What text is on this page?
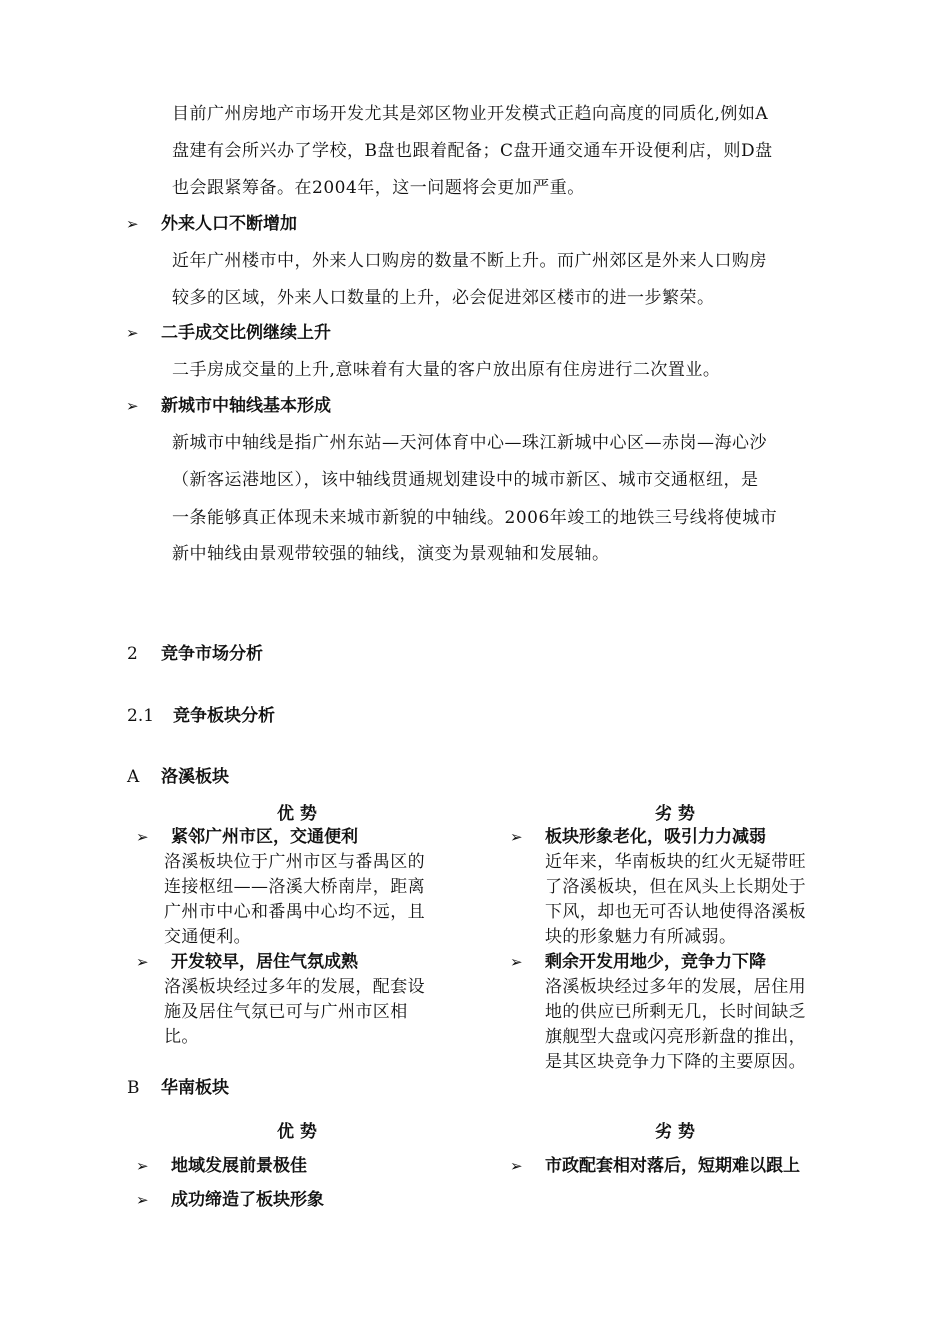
目前广州房地产市场开发尤其是郊区物业开发模式正趋向高度的同质化,例如A
盘建有会所兴办了学校，B盘也跟着配备；C盘开通交通车开设便利店，则D盘
也会跟紧筹备。在2004年，这一问题将会更加严重。
➢ 外来人口不断增加
近年广州楼市中，外来人口购房的数量不断上升。而广州郊区是外来人口购房
较多的区域，外来人口数量的上升，必会促进郊区楼市的进一步繁荣。
➢ 二手成交比例继续上升
二手房成交量的上升,意味着有大量的客户放出原有住房进行二次置业。
➢ 新城市中轴线基本形成
新城市中轴线是指广州东站—天河体育中心—珠江新城中心区—赤岗—海心沙
（新客运港地区），该中轴线贯通规划建设中的城市新区、城市交通枢纽，是
一条能够真正体现未来城市新貌的中轴线。2006年竣工的地铁三号线将使城市
新中轴线由景观带较强的轴线，演变为景观轴和发展轴。
2 竞争市场分析
2.1 竞争板块分析
A 洛溪板块
优 势	劣 势
➢ 紧邻广州市区，交通便利
洛溪板块位于广州市区与番禺区的
连接枢纽——洛溪大桥南岸，距离
广州市中心和番禺中心均不远，且
交通便利。
➢ 开发较早，居住气氛成熟
洛溪板块经过多年的发展，配套设
施及居住气氛已可与广州市区相
比。
➢ 板块形象老化，吸引力力减弱
近年来，华南板块的红火无疑带旺
了洛溪板块，但在风头上长期处于
下风，却也无可否认地使得洛溪板
块的形象魅力有所减弱。
➢ 剩余开发用地少，竞争力下降
洛溪板块经过多年的发展，居住用
地的供应已所剩无几，长时间缺乏
旗舰型大盘或闪亮形新盘的推出，
是其区块竞争力下降的主要原因。
B 华南板块
优 势	劣 势
➢ 地域发展前景极佳
➢ 成功缔造了板块形象
➢ 市政配套相对落后，短期难以跟上
